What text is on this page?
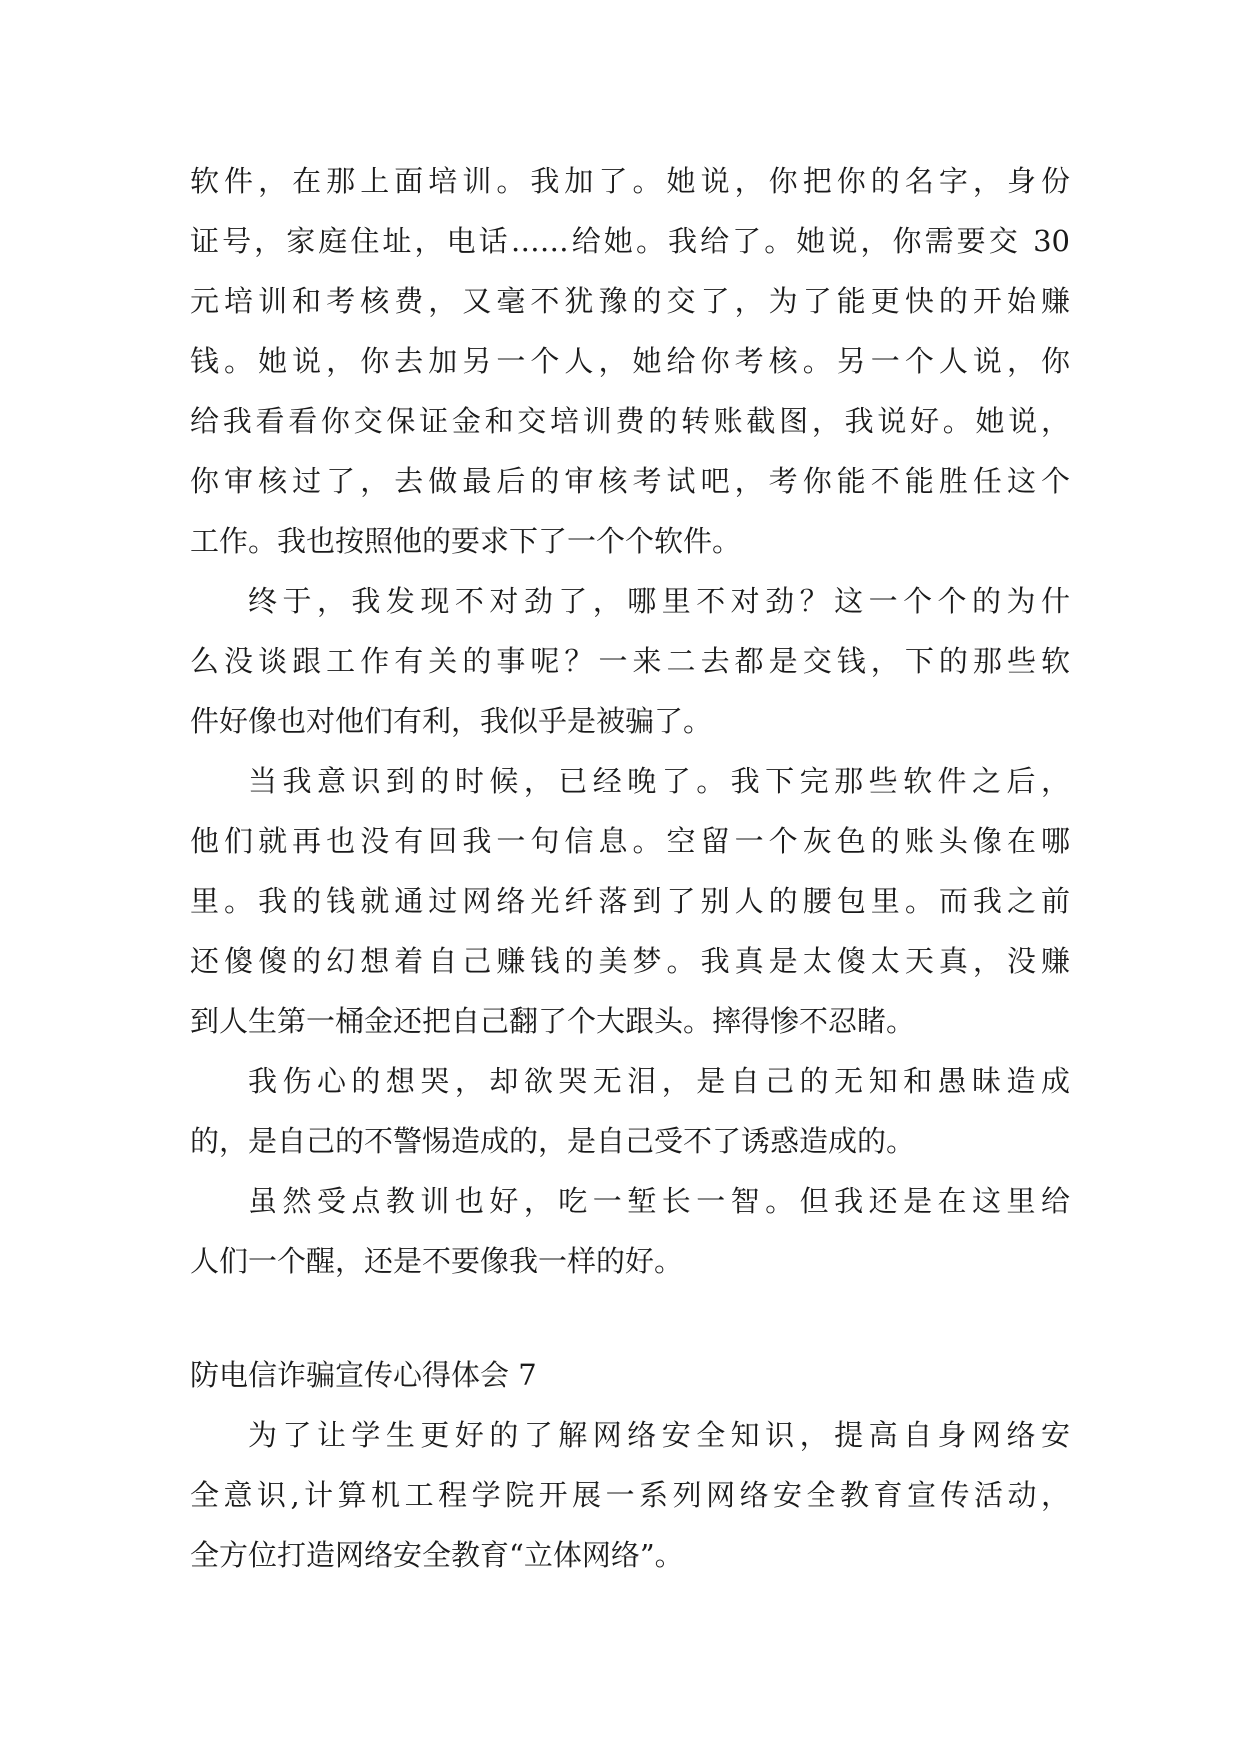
软件，在那上面培训。我加了。她说，你把你的名字，身份
证号，家庭住址，电话……给她。我给了。她说，你需要交 30
元培训和考核费，又毫不犹豫的交了，为了能更快的开始赚
钱。她说，你去加另一个人，她给你考核。另一个人说，你
给我看看你交保证金和交培训费的转账截图，我说好。她说，
你审核过了，去做最后的审核考试吧，考你能不能胜任这个
工作。我也按照他的要求下了一个个软件。
终于，我发现不对劲了，哪里不对劲？这一个个的为什
么没谈跟工作有关的事呢？一来二去都是交钱，下的那些软
件好像也对他们有利，我似乎是被骗了。
当我意识到的时候，已经晚了。我下完那些软件之后，
他们就再也没有回我一句信息。空留一个灰色的账头像在哪
里。我的钱就通过网络光纤落到了别人的腰包里。而我之前
还傻傻的幻想着自己赚钱的美梦。我真是太傻太天真，没赚
到人生第一桶金还把自己翻了个大跟头。摔得惨不忍睹。
我伤心的想哭，却欲哭无泪，是自己的无知和愚昧造成
的，是自己的不警惕造成的，是自己受不了诱惑造成的。
虽然受点教训也好，吃一堑长一智。但我还是在这里给
人们一个醒，还是不要像我一样的好。
防电信诈骗宣传心得体会 7
为了让学生更好的了解网络安全知识，提高自身网络安
全意识,计算机工程学院开展一系列网络安全教育宣传活动，
全方位打造网络安全教育“立体网络”。
